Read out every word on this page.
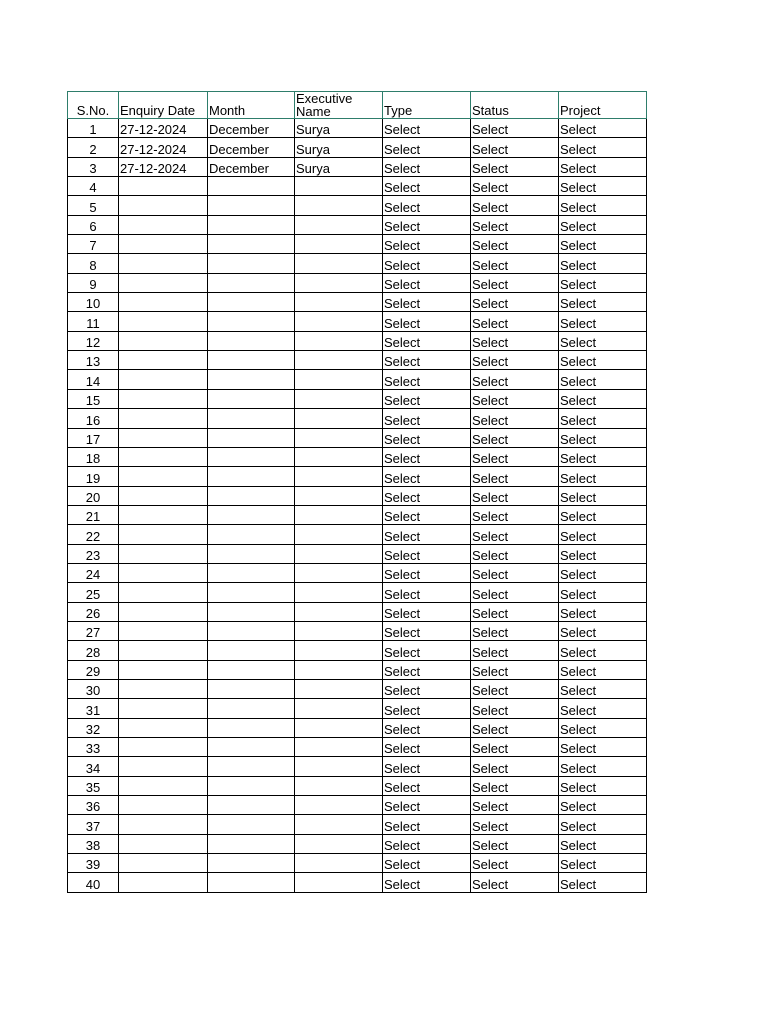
S.No.	Enquiry Date	Month	Executive Name	Type	Status	Project
1	27-12-2024	December	Surya	Select	Select	Select
2	27-12-2024	December	Surya	Select	Select	Select
3	27-12-2024	December	Surya	Select	Select	Select
4				Select	Select	Select
5				Select	Select	Select
6				Select	Select	Select
7				Select	Select	Select
8				Select	Select	Select
9				Select	Select	Select
10				Select	Select	Select
11				Select	Select	Select
12				Select	Select	Select
13				Select	Select	Select
14				Select	Select	Select
15				Select	Select	Select
16				Select	Select	Select
17				Select	Select	Select
18				Select	Select	Select
19				Select	Select	Select
20				Select	Select	Select
21				Select	Select	Select
22				Select	Select	Select
23				Select	Select	Select
24				Select	Select	Select
25				Select	Select	Select
26				Select	Select	Select
27				Select	Select	Select
28				Select	Select	Select
29				Select	Select	Select
30				Select	Select	Select
31				Select	Select	Select
32				Select	Select	Select
33				Select	Select	Select
34				Select	Select	Select
35				Select	Select	Select
36				Select	Select	Select
37				Select	Select	Select
38				Select	Select	Select
39				Select	Select	Select
40				Select	Select	Select
